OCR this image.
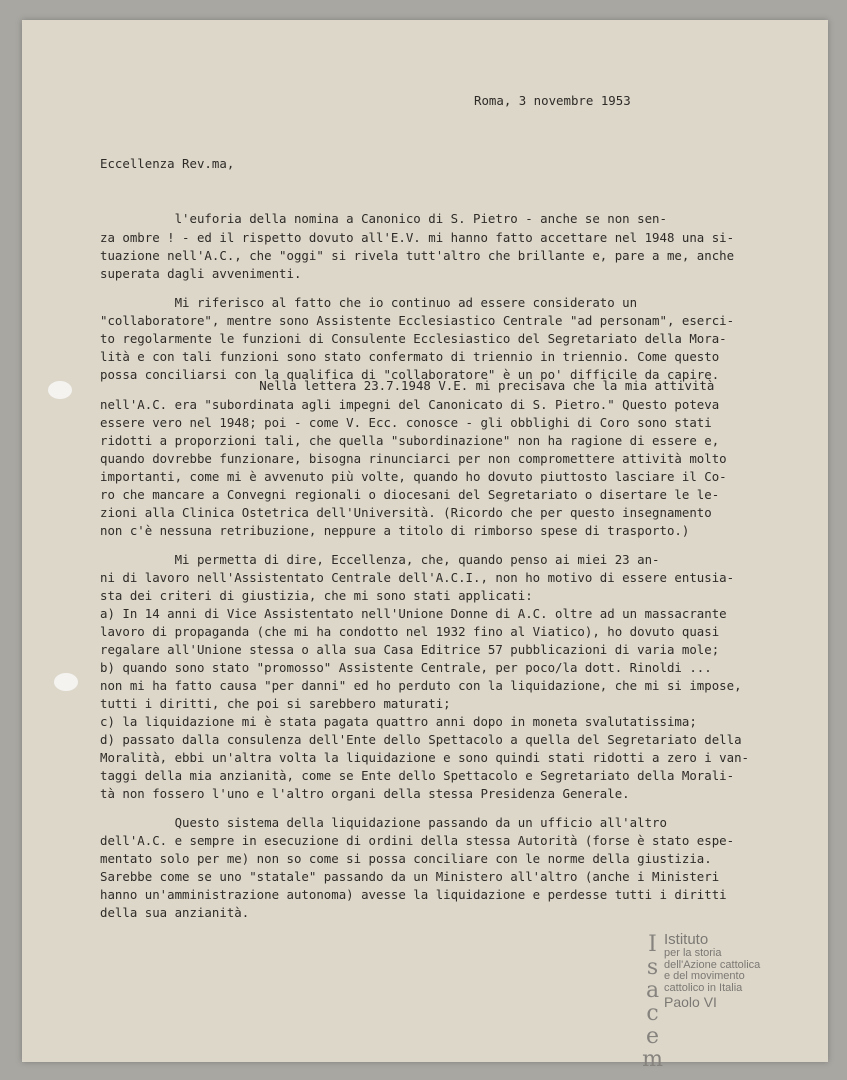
Roma, 3 novembre 1953

Eccellenza Rev.ma,

l'euforia della nomina a Canonico di S. Pietro - anche se non sen-

za ombre ! - ed il rispetto dovuto all'E.V. mi hanno fatto accettare nel 1948 una si-

tuazione nell'A.C., che "oggi" si rivela tutt'altro che brillante e, pare a me, anche

superata dagli avvenimenti.

Mi riferisco al fatto che io continuo ad essere considerato un

"collaboratore", mentre sono Assistente Ecclesiastico Centrale "ad personam", eserci-

to regolarmente le funzioni di Consulente Ecclesiastico del Segretariato della Mora-

lità e con tali funzioni sono stato confermato di triennio in triennio. Come questo

possa conciliarsi con la qualifica di "collaboratore" è un po' difficile da capire.

Nella lettera 23.7.1948 V.E. mi precisava che la mia attività

nell'A.C. era "subordinata agli impegni del Canonicato di S. Pietro." Questo poteva

essere vero nel 1948; poi - come V. Ecc. conosce - gli obblighi di Coro sono stati

ridotti a proporzioni tali, che quella "subordinazione" non ha ragione di essere e,

quando dovrebbe funzionare, bisogna rinunciarci per non compromettere attività molto

importanti, come mi è avvenuto più volte, quando ho dovuto piuttosto lasciare il Co-

ro che mancare a Convegni regionali o diocesani del Segretariato o disertare le le-

zioni alla Clinica Ostetrica dell'Università. (Ricordo che per questo insegnamento

non c'è nessuna retribuzione, neppure a titolo di rimborso spese di trasporto.)

Mi permetta di dire, Eccellenza, che, quando penso ai miei 23 an-

ni di lavoro nell'Assistentato Centrale dell'A.C.I., non ho motivo di essere entusia-

sta dei criteri di giustizia, che mi sono stati applicati:

a) In 14 anni di Vice Assistentato nell'Unione Donne di A.C. oltre ad un massacrante

lavoro di propaganda (che mi ha condotto nel 1932 fino al Viatico), ho dovuto quasi

regalare all'Unione stessa o alla sua Casa Editrice 57 pubblicazioni di varia mole;

b) quando sono stato "promosso" Assistente Centrale, per poco/la dott. Rinoldi ...

non mi ha fatto causa "per danni" ed ho perduto con la liquidazione, che mi si impose,

tutti i diritti, che poi si sarebbero maturati;

c) la liquidazione mi è stata pagata quattro anni dopo in moneta svalutatissima;

d) passato dalla consulenza dell'Ente dello Spettacolo a quella del Segretariato della

Moralità, ebbi un'altra volta la liquidazione e sono quindi stati ridotti a zero i van-

taggi della mia anzianità, come se Ente dello Spettacolo e Segretariato della Morali-

tà non fossero l'uno e l'altro organi della stessa Presidenza Generale.

Questo sistema della liquidazione passando da un ufficio all'altro

dell'A.C. e sempre in esecuzione di ordini della stessa Autorità (forse è stato espe-

mentato solo per me) non so come si possa conciliare con le norme della giustizia.

Sarebbe come se uno "statale" passando da un Ministero all'altro (anche i Ministeri

hanno un'amministrazione autonoma) avesse la liquidazione e perdesse tutti i diritti

della sua anzianità.

Isacem Istituto
per la storia
dell'Azione cattolica
e del movimento
cattolico in Italia
Paolo VI
